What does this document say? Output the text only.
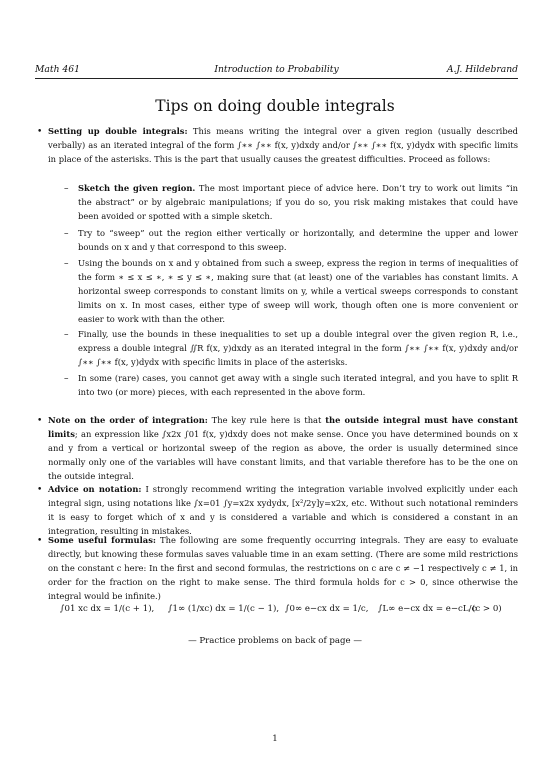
Math 461	Introduction to Probability	A.J. Hildebrand
Tips on doing double integrals
• Setting up double integrals: This means writing the integral over a given region (usually described verbally) as an iterated integral of the form ∫∗∗ ∫∗∗ f(x, y)dxdy and/or ∫∗∗ ∫∗∗ f(x, y)dydx with specific limits in place of the asterisks. This is the part that usually causes the greatest difficulties. Proceed as follows:
– Sketch the given region. The most important piece of advice here. Don’t try to work out limits “in the abstract” or by algebraic manipulations; if you do so, you risk making mistakes that could have been avoided or spotted with a simple sketch.
– Try to “sweep” out the region either vertically or horizontally, and determine the upper and lower bounds on x and y that correspond to this sweep.
– Using the bounds on x and y obtained from such a sweep, express the region in terms of inequalities of the form ∗ ≤ x ≤ ∗, ∗ ≤ y ≤ ∗, making sure that (at least) one of the variables has constant limits. A horizontal sweep corresponds to constant limits on y, while a vertical sweeps corresponds to constant limits on x. In most cases, either type of sweep will work, though often one is more convenient or easier to work with than the other.
– Finally, use the bounds in these inequalities to set up a double integral over the given region R, i.e., express a double integral ∬R f(x, y)dxdy as an iterated integral in the form ∫∗∗ ∫∗∗ f(x, y)dxdy and/or ∫∗∗ ∫∗∗ f(x, y)dydx with specific limits in place of the asterisks.
– In some (rare) cases, you cannot get away with a single such iterated integral, and you have to split R into two (or more) pieces, with each represented in the above form.
• Note on the order of integration: The key rule here is that the outside integral must have constant limits; an expression like ∫x2x ∫01 f(x, y)dxdy does not make sense. Once you have determined bounds on x and y from a vertical or horizontal sweep of the region as above, the order is usually determined since normally only one of the variables will have constant limits, and that variable therefore has to be the one on the outside integral.
• Advice on notation: I strongly recommend writing the integration variable involved explicitly under each integral sign, using notations like ∫x=01 ∫y=x2x xydydx, [x²/2y]y=x2x, etc. Without such notational reminders it is easy to forget which of x and y is considered a variable and which is considered a constant in an integration, resulting in mistakes.
• Some useful formulas: The following are some frequently occurring integrals. They are easy to evaluate directly, but knowing these formulas saves valuable time in an exam setting. (There are some mild restrictions on the constant c here: In the first and second formulas, the restrictions on c are c ≠ −1 respectively c ≠ 1, in order for the fraction on the right to make sense. The third formula holds for c > 0, since otherwise the integral would be infinite.)
∫01 xc dx = 1/(c + 1), ∫1∞ (1/xc) dx = 1/(c − 1), ∫0∞ e−cx dx = 1/c, ∫L∞ e−cx dx = e−cL/c
(c > 0)
— Practice problems on back of page —
1
